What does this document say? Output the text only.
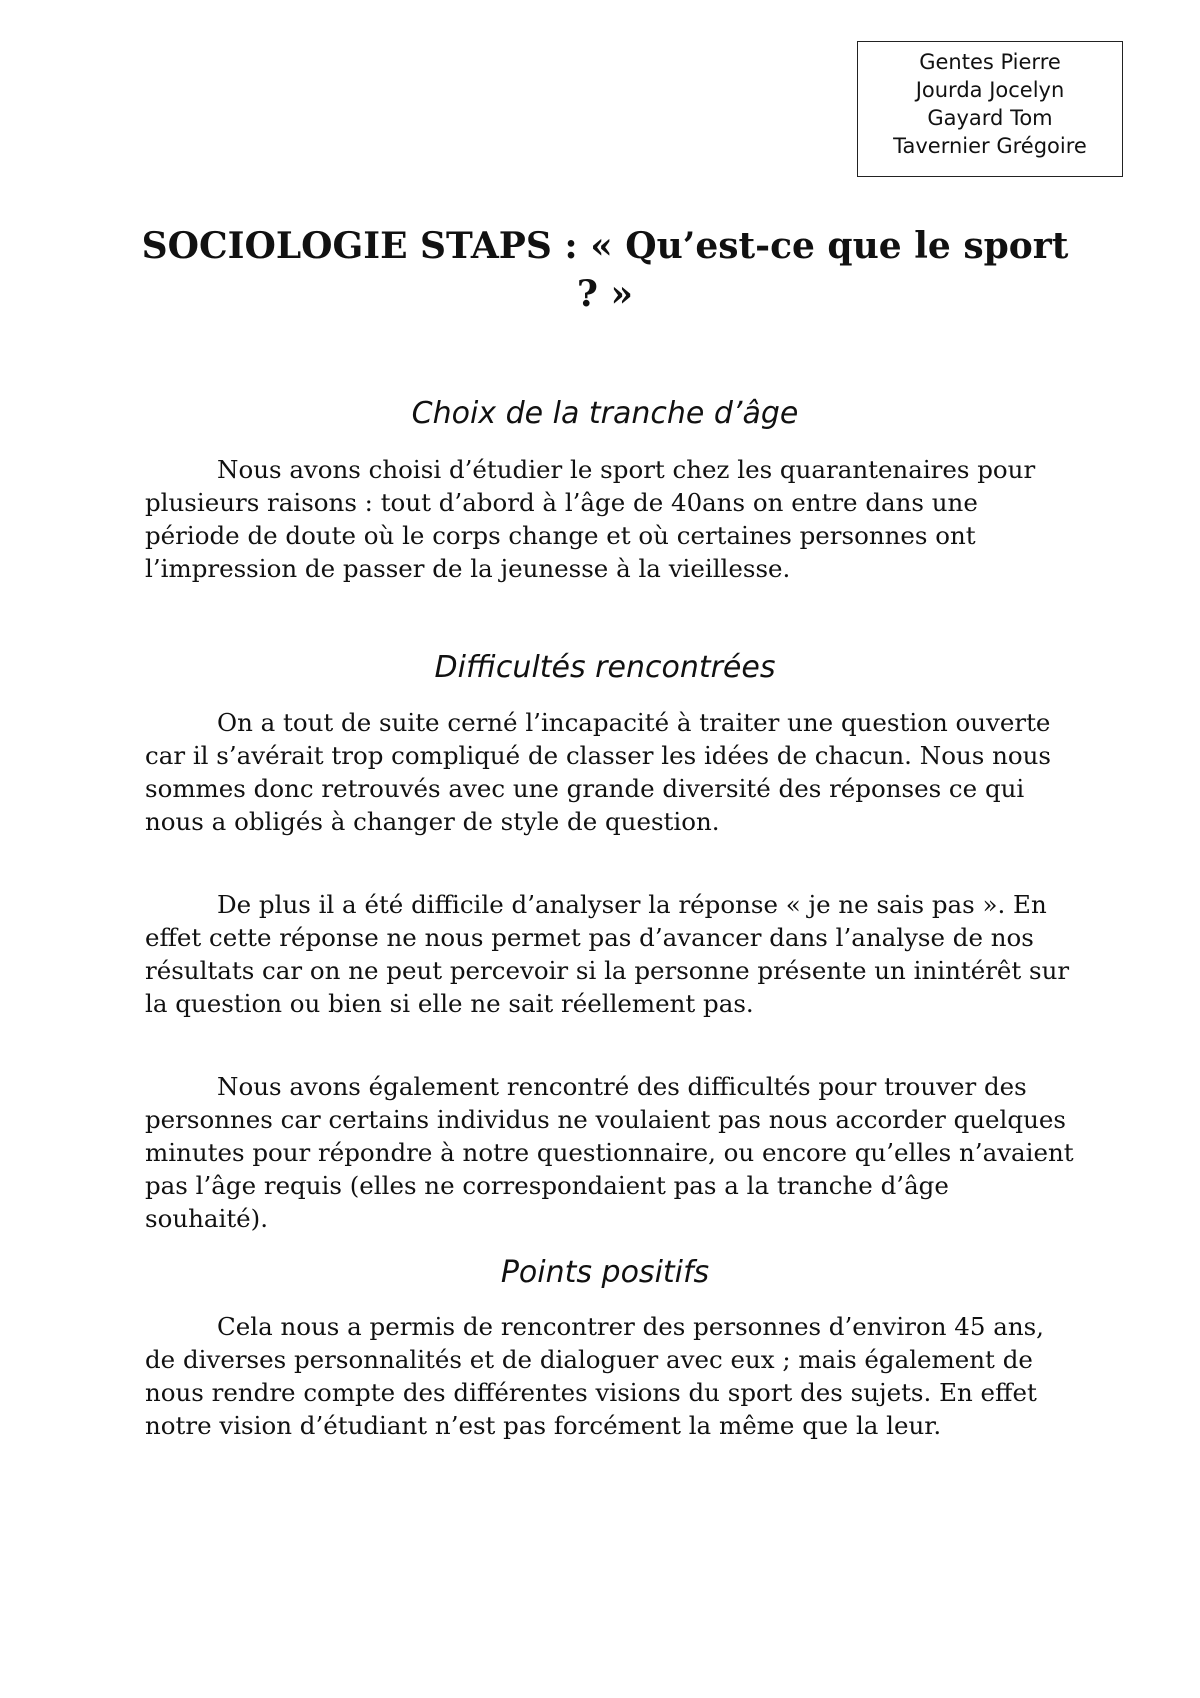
Gentes Pierre
Jourda Jocelyn
Gayard Tom
Tavernier Grégoire
SOCIOLOGIE STAPS : « Qu’est-ce que le sport ? »
Choix de la tranche d’âge

Nous avons choisi d’étudier le sport chez les quarantenaires pour plusieurs raisons : tout d’abord à l’âge de 40ans on entre dans une période de doute où le corps change et où certaines personnes ont l’impression de passer de la jeunesse à la vieillesse.

Difficultés rencontrées

On a tout de suite cerné l’incapacité à traiter une question ouverte car il s’avérait trop compliqué de classer les idées de chacun. Nous nous sommes donc retrouvés avec une grande diversité des réponses ce qui nous a obligés à changer de style de question.

De plus il a été difficile d’analyser la réponse « je ne sais pas ». En effet cette réponse ne nous permet pas d’avancer dans l’analyse de nos résultats car on ne peut percevoir si la personne présente un inintérêt sur la question ou bien si elle ne sait réellement pas.

Nous avons également rencontré des difficultés pour trouver des personnes car certains individus ne voulaient pas nous accorder quelques minutes pour répondre à notre questionnaire, ou encore qu’elles n’avaient pas l’âge requis (elles ne correspondaient pas a la tranche d’âge souhaité).

Points positifs

Cela nous a permis de rencontrer des personnes d’environ 45 ans, de diverses personnalités et de dialoguer avec eux ; mais également de nous rendre compte des différentes visions du sport des sujets. En effet notre vision d’étudiant n’est pas forcément la même que la leur.
